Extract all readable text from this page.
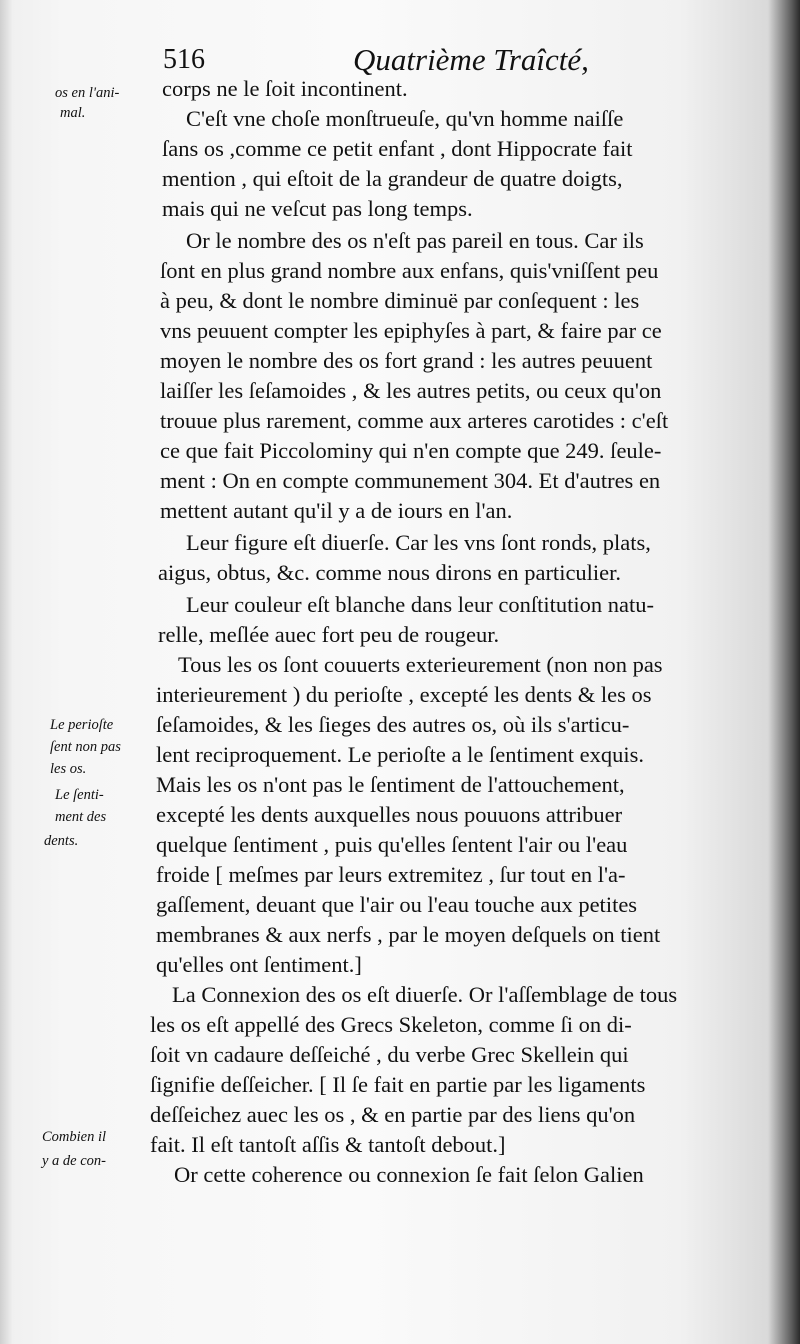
516	Quatrième Traîcté,
corps ne le ſoit incontinent.
C'eſt vne choſe monſtrueuſe, qu'vn homme naiſſe
ſans os ,comme ce petit enfant , dont Hippocrate fait
mention , qui eſtoit de la grandeur de quatre doigts,
mais qui ne veſcut pas long temps.
Or le nombre des os n'eſt pas pareil en tous. Car ils
ſont en plus grand nombre aux enfans, quis'vniſſent peu
à peu, & dont le nombre diminuë par conſequent : les
vns peuuent compter les epiphyſes à part, & faire par ce
moyen le nombre des os fort grand : les autres peuuent
laiſſer les ſeſamoides , & les autres petits, ou ceux qu'on
trouue plus rarement, comme aux arteres carotides : c'eſt
ce que fait Piccolominy qui n'en compte que 249. ſeule-
ment : On en compte communement 304. Et d'autres en
mettent autant qu'il y a de iours en l'an.
Leur figure eſt diuerſe. Car les vns ſont ronds, plats,
aigus, obtus, &c. comme nous dirons en particulier.
Leur couleur eſt blanche dans leur conſtitution natu-
relle, meſlée auec fort peu de rougeur.
Tous les os ſont couuerts exterieurement (non non pas
interieurement ) du perioſte , excepté les dents & les os
ſeſamoides, & les ſieges des autres os, où ils s'articu-
lent reciproquement. Le perioſte a le ſentiment exquis.
Mais les os n'ont pas le ſentiment de l'attouchement,
excepté les dents auxquelles nous pouuons attribuer
quelque ſentiment , puis qu'elles ſentent l'air ou l'eau
froide [ meſmes par leurs extremitez , ſur tout en l'a-
gaſſement, deuant que l'air ou l'eau touche aux petites
membranes & aux nerfs , par le moyen deſquels on tient
qu'elles ont ſentiment.]
La Connexion des os eſt diuerſe. Or l'aſſemblage de tous
les os eſt appellé des Grecs Skeleton, comme ſi on di-
ſoit vn cadaure deſſeiché , du verbe Grec Skellein qui
ſignifie deſſeicher. [ Il ſe fait en partie par les ligaments
deſſeichez auec les os , & en partie par des liens qu'on
fait. Il eſt tantoſt aſſis & tantoſt debout.]
Or cette coherence ou connexion ſe fait ſelon Galien
os en l'ani-
mal.
Le perioſte
ſent non pas
les os.
Le ſenti-
ment des
dents.
Combien il
y a de con-
